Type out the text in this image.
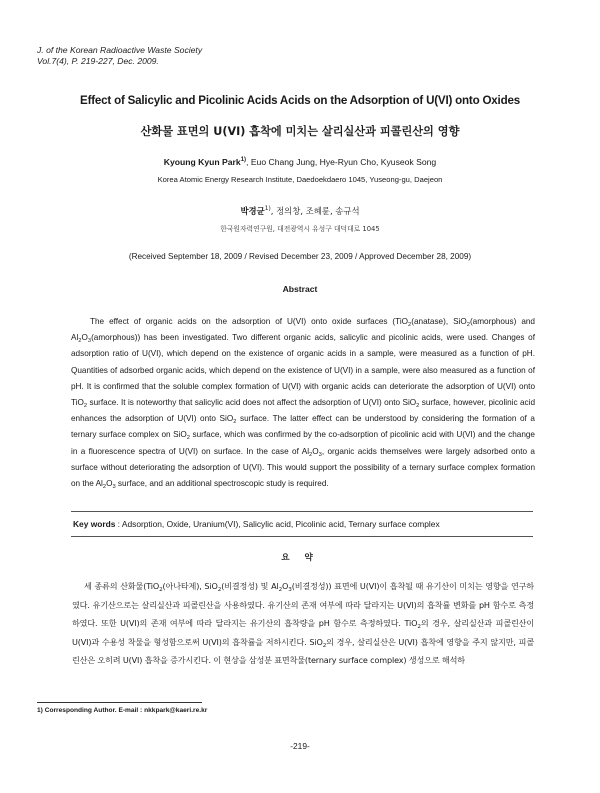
J. of the Korean Radioactive Waste Society
Vol.7(4), P. 219-227, Dec. 2009.
Effect of Salicylic and Picolinic Acids Acids on the Adsorption of U(VI) onto Oxides
산화물 표면의 U(VI) 흡착에 미치는 살리실산과 피콜린산의 영향
Kyoung Kyun Park$^{1)}$, Euo Chang Jung, Hye-Ryun Cho, Kyuseok Song
Korea Atomic Energy Research Institute, Daedoekdaero 1045, Yuseong-gu, Daejeon
박경균$^{1)}$, 정의창, 조혜륜, 송규석
한국원자력연구원, 대전광역시 유성구 대덕대로 1045
(Received September 18, 2009 / Revised December 23, 2009 / Approved December 28, 2009)
Abstract
The effect of organic acids on the adsorption of U(VI) onto oxide surfaces (TiO$_2$(anatase), SiO$_2$(amorphous) and $Al_2O_3(amorphous)$) has been investigated. Two different organic acids, salicylic and picolinic acids, were used. Changes of adsorption ratio of U(VI), which depend on the existence of organic acids in a sample, were measured as a function of pH. Quantities of adsorbed organic acids, which depend on the existence of U(VI) in a sample, were also measured as a function of pH. It is confirmed that the soluble complex formation of U(VI) with organic acids can deteriorate the adsorption of U(VI) onto TiO$_2$ surface. It is noteworthy that salicylic acid does not affect the adsorption of U(VI) onto SiO$_2$ surface, however, picolinic acid enhances the adsorption of U(VI) onto SiO$_2$ surface. The latter effect can be understood by considering the formation of a ternary surface complex on SiO$_2$ surface, which was confirmed by the co-adsorption of picolinic acid with U(VI) and the change in a fluorescence spectra of U(VI) on surface. In the case of $Al_2O_3$, organic acids themselves were largely adsorbed onto a surface without deteriorating the adsorption of U(VI). This would support the possibility of a ternary surface complex formation on the $Al_2O_3$ surface, and an additional spectroscopic study is required.
Key words : Adsorption, Oxide, Uranium(VI), Salicylic acid, Picolinic acid, Ternary surface complex
요 약
세 종류의 산화물(TiO$_2$(아나타제), SiO$_2$(비결정성) 및 $Al_2O_3$(비결정성)) 표면에 U(VI)이 흡착될 때 유기산이 미치는 영향을 연구하였다. 유기산으로는 살리실산과 피콜린산을 사용하였다. 유기산의 존재 여부에 따라 달라지는 U(VI)의 흡착률 변화를 pH 함수로 측정하였다. 또한 U(VI)의 존재 여부에 따라 달라지는 유기산의 흡착량을 pH 함수로 측정하였다. TiO$_2$의 경우, 살리실산과 피콜린산이 U(VI)과 수용성 착물을 형성함으로써 U(VI)의 흡착률을 저하시킨다. SiO$_2$의 경우, 살리실산은 U(VI) 흡착에 영향을 주지 않지만, 피콜린산은 오히려 U(VI) 흡착을 증가시킨다. 이 현상을 삼성분 표면착물(ternary surface complex) 생성으로 해석하
1) Corresponding Author. E-mail : nkkpark@kaeri.re.kr
-219-
